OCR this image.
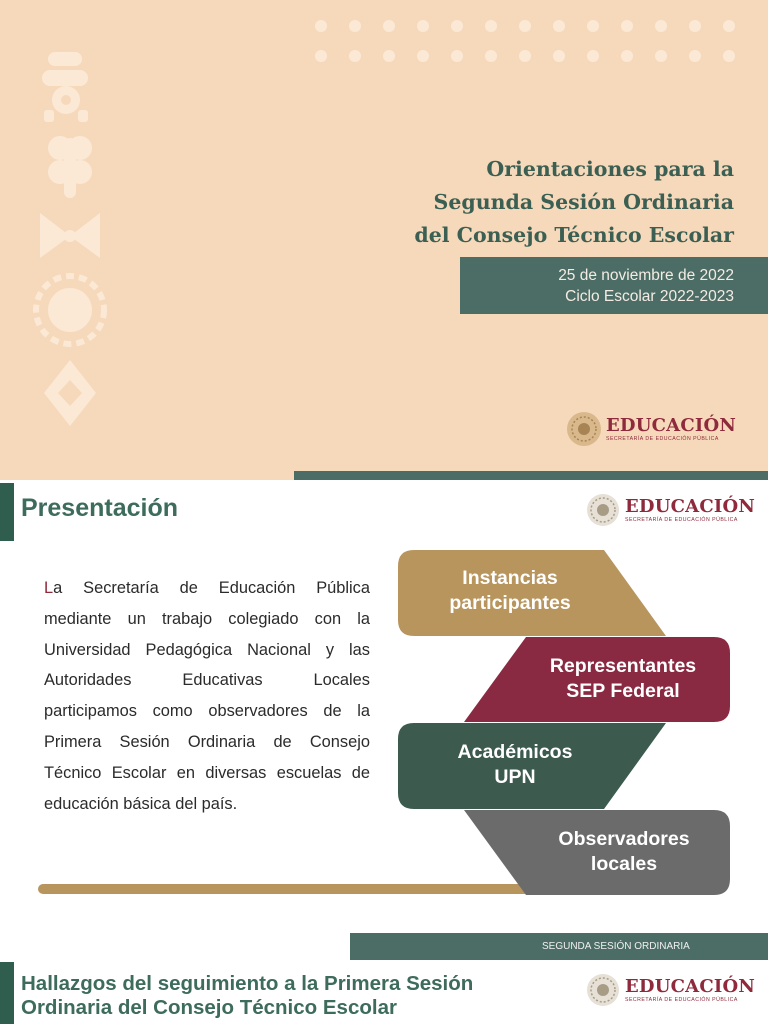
Orientaciones para la
Segunda Sesión Ordinaria
del Consejo Técnico Escolar
25 de noviembre de 2022
Ciclo Escolar 2022-2023
EDUCACIÓN
SECRETARÍA DE EDUCACIÓN PÚBLICA
Presentación	EDUCACIÓN
SECRETARÍA DE EDUCACIÓN PÚBLICA

La Secretaría de Educación Pública mediante un trabajo colegiado con la Universidad Pedagógica Nacional y las Autoridades Educativas Locales participamos como observadores de la Primera Sesión Ordinaria de Consejo Técnico Escolar en diversas escuelas de educación básica del país.

Instancias
participantes
Representantes
SEP Federal
Académicos
UPN
Observadores
locales
SEGUNDA SESIÓN ORDINARIA
Hallazgos del seguimiento a la Primera Sesión
Ordinaria del Consejo Técnico Escolar
EDUCACIÓN
SECRETARÍA DE EDUCACIÓN PÚBLICA
